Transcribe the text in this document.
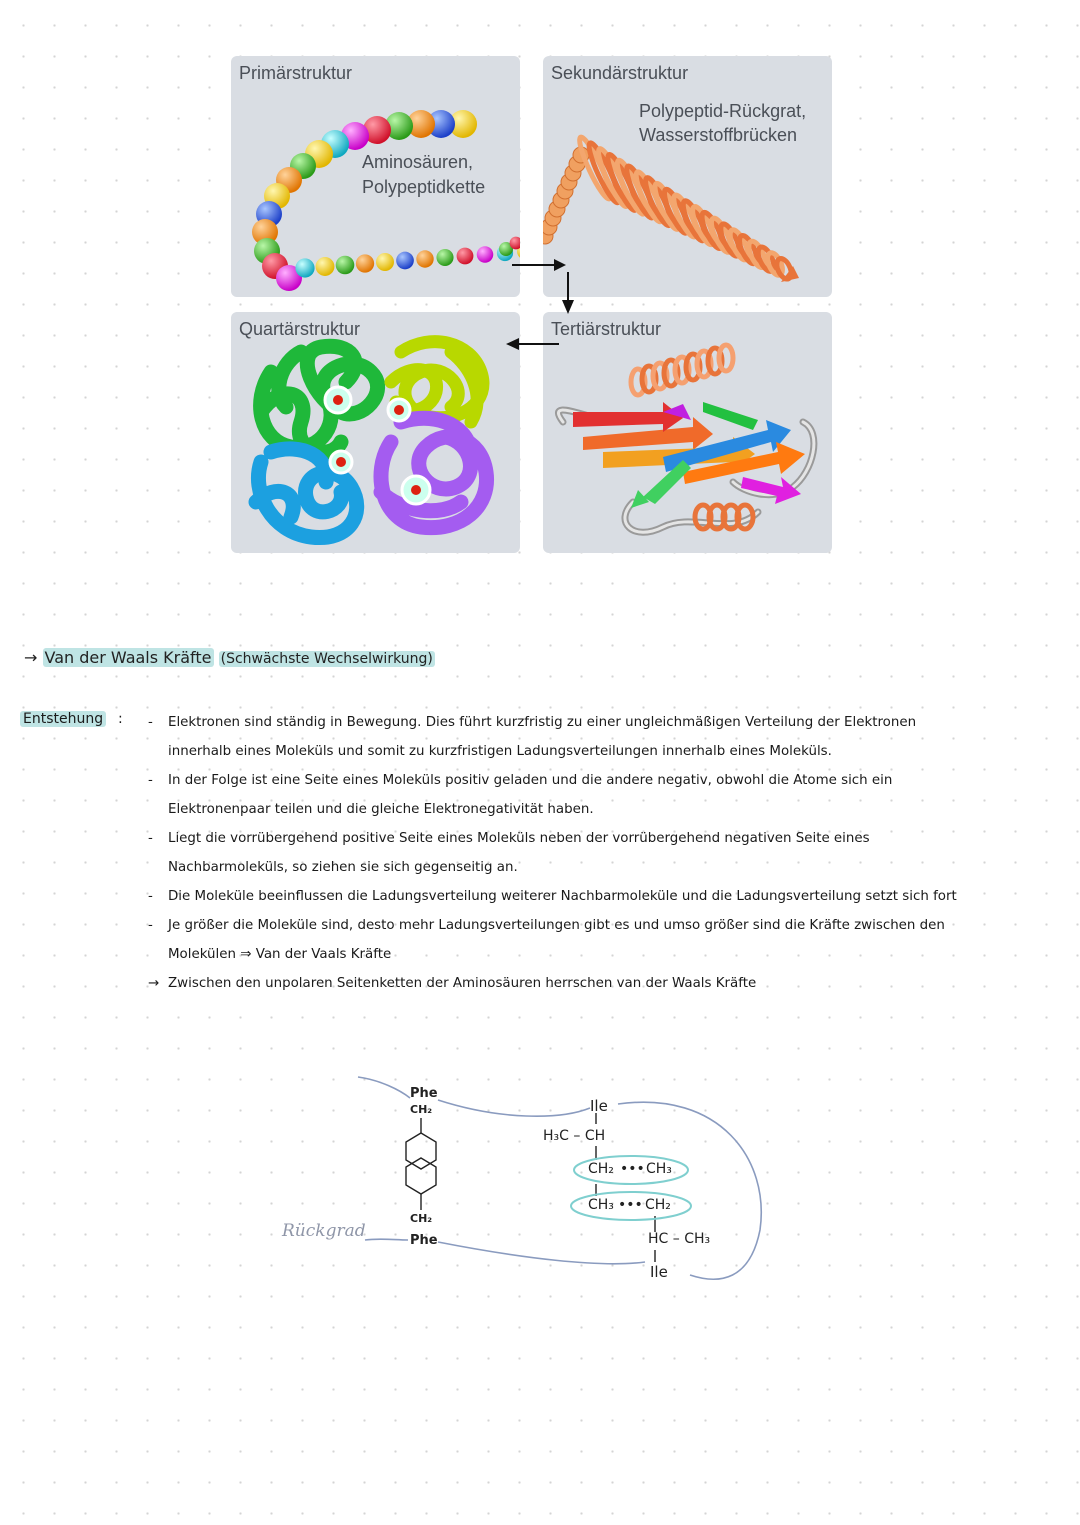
Primärstruktur
Aminosäuren,
Polypeptidkette
Sekundärstruktur
Polypeptid-Rückgrat,
Wasserstoffbrücken
Quartärstruktur	Tertiärstruktur
→ Van der Waals Kräfte (Schwächste Wechselwirkung)
Entstehung : - Elektronen sind ständig in Bewegung. Dies führt kurzfristig zu einer ungleichmäßigen Verteilung der Elektronen
innerhalb eines Moleküls und somit zu kurzfristigen Ladungsverteilungen innerhalb eines Moleküls.
- In der Folge ist eine Seite eines Moleküls positiv geladen und die andere negativ, obwohl die Atome sich ein
Elektronenpaar teilen und die gleiche Elektronegativität haben.
- Liegt die vorrübergehend positive Seite eines Moleküls neben der vorrübergehend negativen Seite eines
Nachbarmoleküls, so ziehen sie sich gegenseitig an.
- Die Moleküle beeinflussen die Ladungsverteilung weiterer Nachbarmoleküle und die Ladungsverteilung setzt sich fort
- Je größer die Moleküle sind, desto mehr Ladungsverteilungen gibt es und umso größer sind die Kräfte zwischen den
Molekülen ⇒ Van der Vaals Kräfte
→ Zwischen den unpolaren Seitenketten der Aminosäuren herrschen van der Waals Kräfte
Phe
CH₂
CH₂
Phe
Ile
H₃C – CH
CH₂ ••• CH₃
CH₃ ••• CH₂
HC – CH₃
Ile
Rückgrad
